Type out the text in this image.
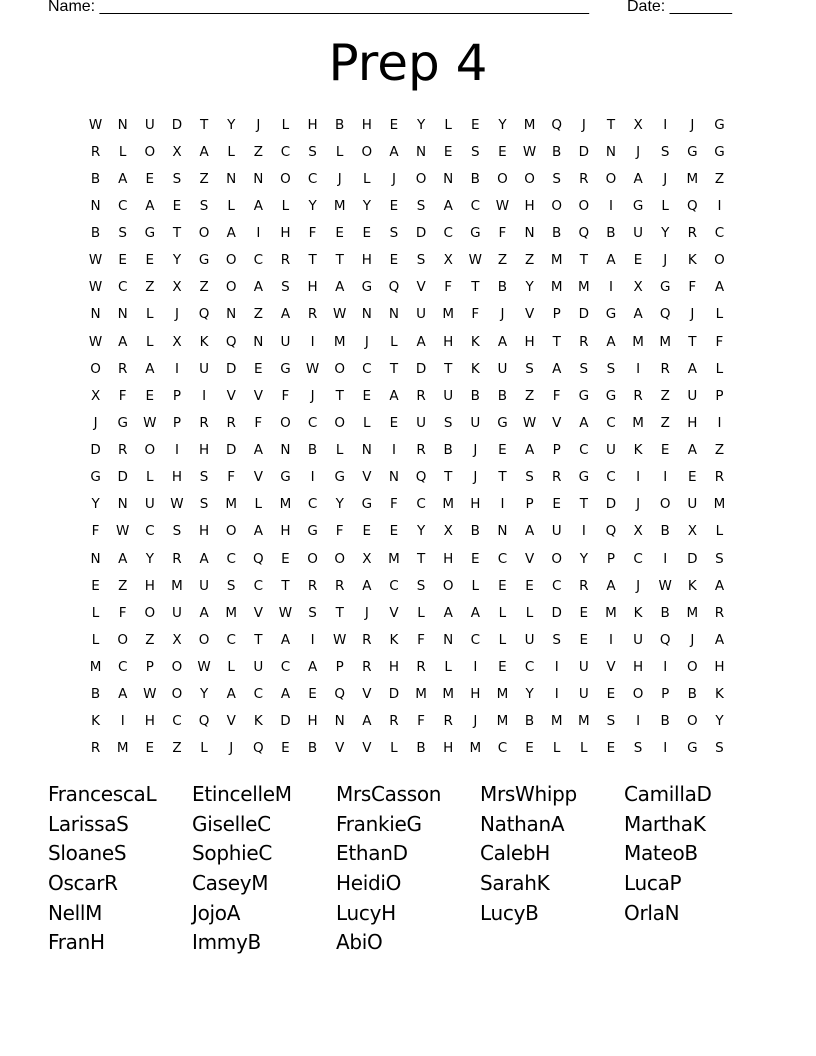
Name: _______________________________________________________ Date: _______
Prep 4
W	N	U	D	T	Y	J	L	H	B	H	E	Y	L	E	Y	M	Q	J	T	X	I	J	G
R	L	O	X	A	L	Z	C	S	L	O	A	N	E	S	E	W	B	D	N	J	S	G	G
B	A	E	S	Z	N	N	O	C	J	L	J	O	N	B	O	O	S	R	O	A	J	M	Z
N	C	A	E	S	L	A	L	Y	M	Y	E	S	A	C	W	H	O	O	I	G	L	Q	I
B	S	G	T	O	A	I	H	F	E	E	S	D	C	G	F	N	B	Q	B	U	Y	R	C
W	E	E	Y	G	O	C	R	T	T	H	E	S	X	W	Z	Z	M	T	A	E	J	K	O
W	C	Z	X	Z	O	A	S	H	A	G	Q	V	F	T	B	Y	M	M	I	X	G	F	A
N	N	L	J	Q	N	Z	A	R	W	N	N	U	M	F	J	V	P	D	G	A	Q	J	L
W	A	L	X	K	Q	N	U	I	M	J	L	A	H	K	A	H	T	R	A	M	M	T	F
O	R	A	I	U	D	E	G	W	O	C	T	D	T	K	U	S	A	S	S	I	R	A	L
X	F	E	P	I	V	V	F	J	T	E	A	R	U	B	B	Z	F	G	G	R	Z	U	P
J	G	W	P	R	R	F	O	C	O	L	E	U	S	U	G	W	V	A	C	M	Z	H	I
D	R	O	I	H	D	A	N	B	L	N	I	R	B	J	E	A	P	C	U	K	E	A	Z
G	D	L	H	S	F	V	G	I	G	V	N	Q	T	J	T	S	R	G	C	I	I	E	R
Y	N	U	W	S	M	L	M	C	Y	G	F	C	M	H	I	P	E	T	D	J	O	U	M
F	W	C	S	H	O	A	H	G	F	E	E	Y	X	B	N	A	U	I	Q	X	B	X	L
N	A	Y	R	A	C	Q	E	O	O	X	M	T	H	E	C	V	O	Y	P	C	I	D	S
E	Z	H	M	U	S	C	T	R	R	A	C	S	O	L	E	E	C	R	A	J	W	K	A
L	F	O	U	A	M	V	W	S	T	J	V	L	A	A	L	L	D	E	M	K	B	M	R
L	O	Z	X	O	C	T	A	I	W	R	K	F	N	C	L	U	S	E	I	U	Q	J	A
M	C	P	O	W	L	U	C	A	P	R	H	R	L	I	E	C	I	U	V	H	I	O	H
B	A	W	O	Y	A	C	A	E	Q	V	D	M	M	H	M	Y	I	U	E	O	P	B	K
K	I	H	C	Q	V	K	D	H	N	A	R	F	R	J	M	B	M	M	S	I	B	O	Y
R	M	E	Z	L	J	Q	E	B	V	V	L	B	H	M	C	E	L	L	E	S	I	G	S
FrancescaL
LarissaS
SloaneS
OscarR
NellM
FranH
EtincelleM
GiselleC
SophieC
CaseyM
JojoA
ImmyB
MrsCasson
FrankieG
EthanD
HeidiO
LucyH
AbiO
MrsWhipp
NathanA
CalebH
SarahK
LucyB
CamillaD
MarthaK
MateoB
LucaP
OrlaN
